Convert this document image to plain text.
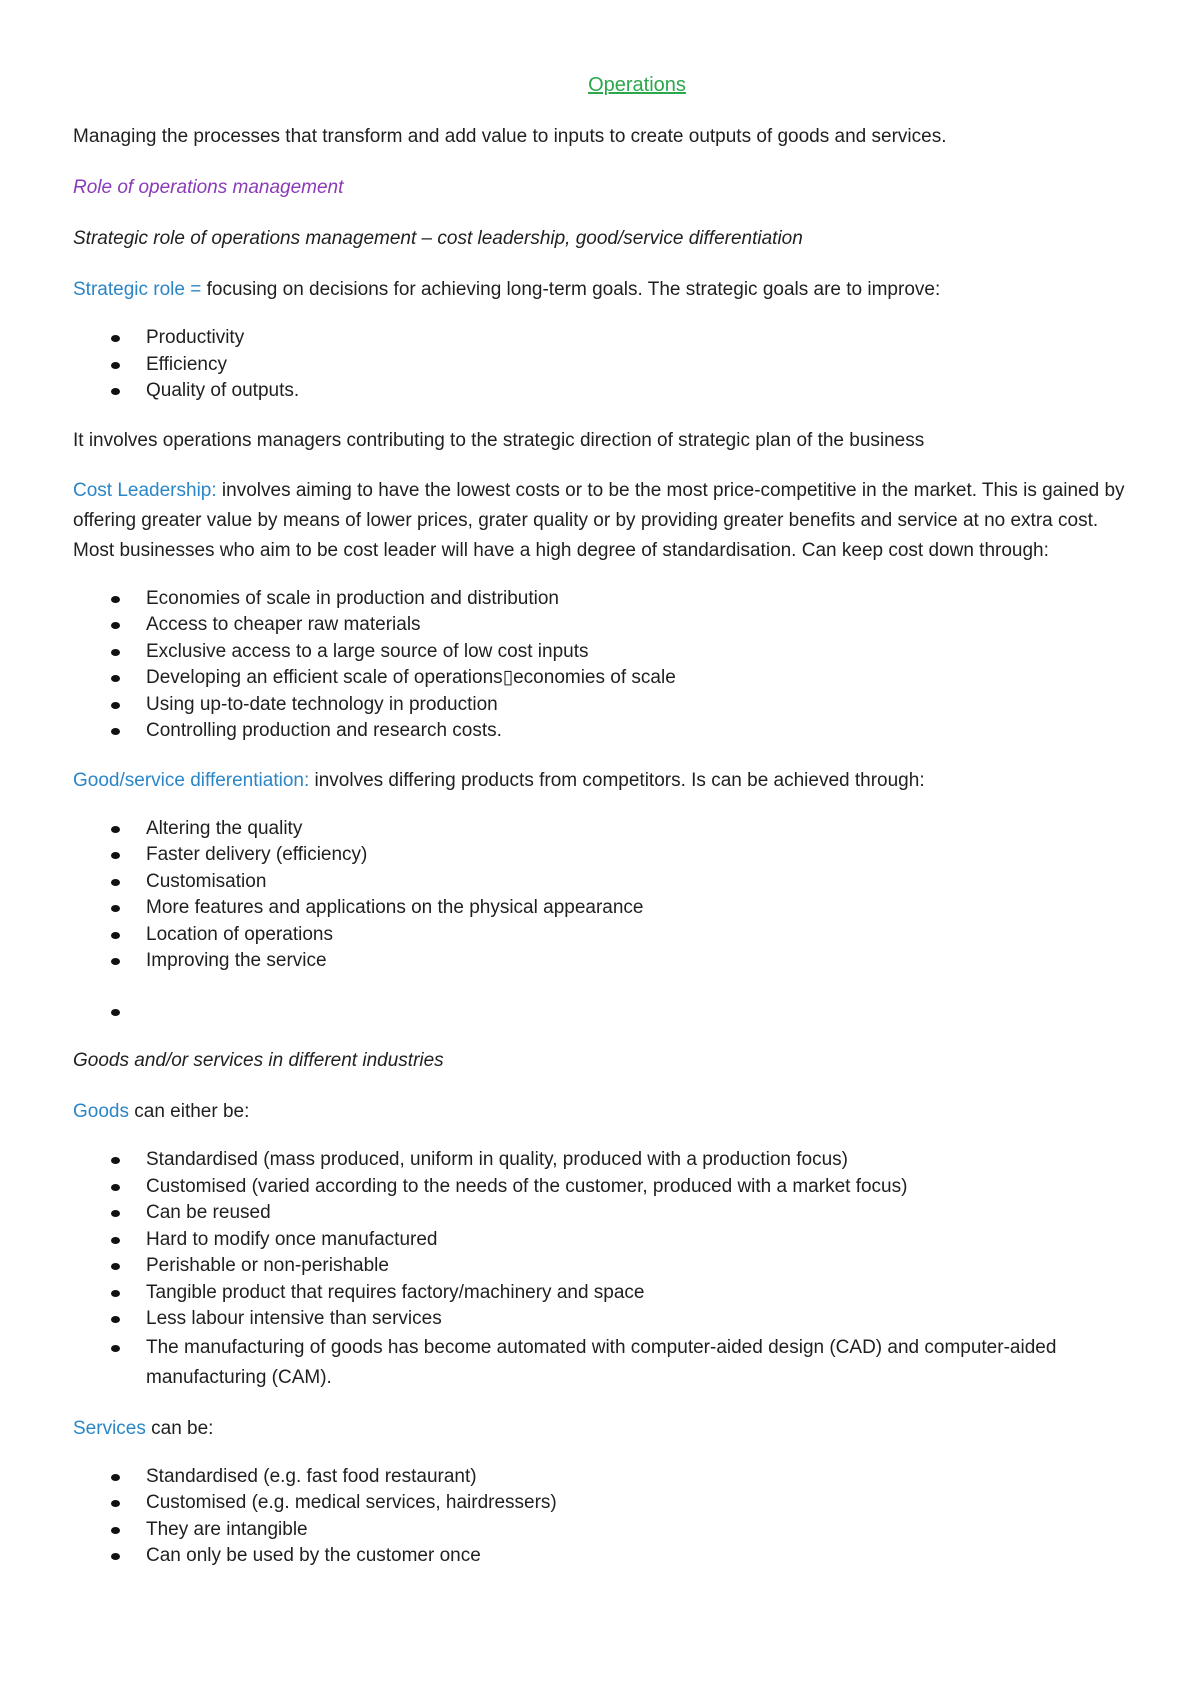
Operations

Managing the processes that transform and add value to inputs to create outputs of goods and services.

Role of operations management

Strategic role of operations management – cost leadership, good/service differentiation

Strategic role = focusing on decisions for achieving long-term goals. The strategic goals are to improve:

Productivity
Efficiency
Quality of outputs.

It involves operations managers contributing to the strategic direction of strategic plan of the business

Cost Leadership: involves aiming to have the lowest costs or to be the most price-competitive in the market. This is gained by offering greater value by means of lower prices, grater quality or by providing greater benefits and service at no extra cost. Most businesses who aim to be cost leader will have a high degree of standardisation. Can keep cost down through:

Economies of scale in production and distribution
Access to cheaper raw materials
Exclusive access to a large source of low cost inputs
Developing an efficient scale of operations▯economies of scale
Using up-to-date technology in production
Controlling production and research costs.

Good/service differentiation: involves differing products from competitors. Is can be achieved through:

Altering the quality
Faster delivery (efficiency)
Customisation
More features and applications on the physical appearance
Location of operations
Improving the service

Goods and/or services in different industries

Goods can either be:

Standardised (mass produced, uniform in quality, produced with a production focus)
Customised (varied according to the needs of the customer, produced with a market focus)
Can be reused
Hard to modify once manufactured
Perishable or non-perishable
Tangible product that requires factory/machinery and space
Less labour intensive than services
The manufacturing of goods has become automated with computer-aided design (CAD) and computer-aided manufacturing (CAM).

Services can be:

Standardised (e.g. fast food restaurant)
Customised (e.g. medical services, hairdressers)
They are intangible
Can only be used by the customer once
